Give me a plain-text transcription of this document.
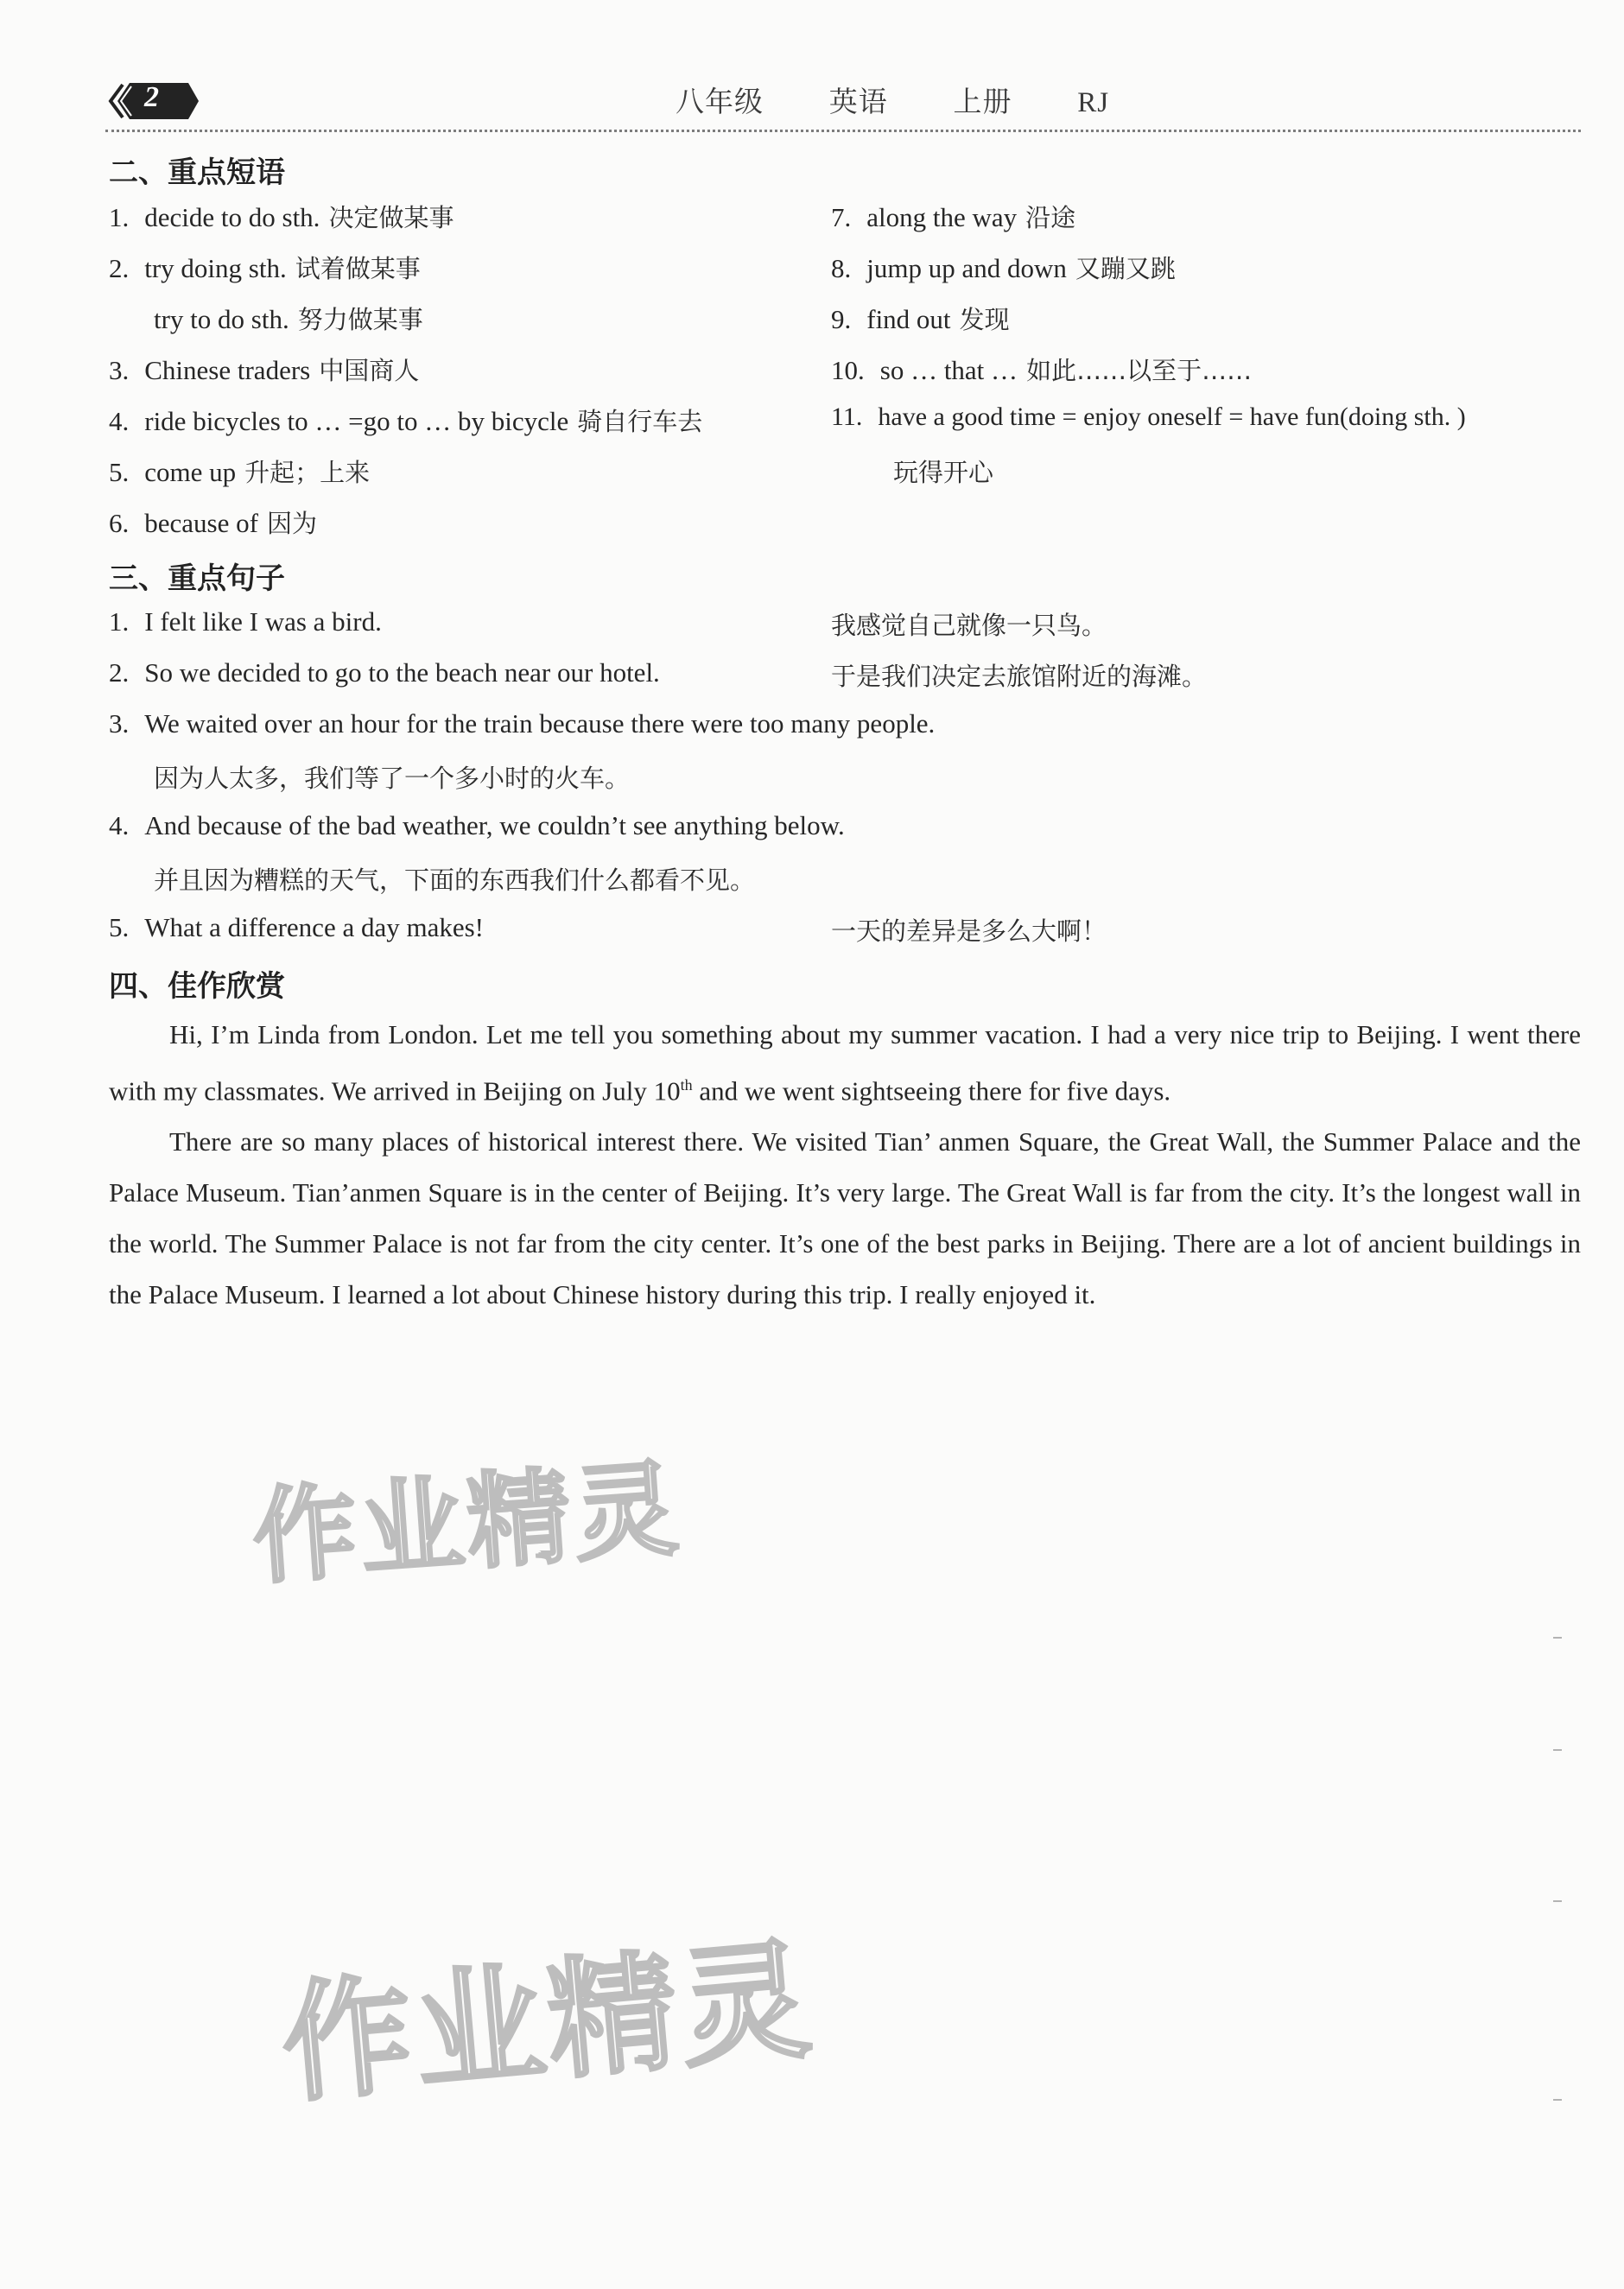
2	八年级   英语   上册   RJ
二、重点短语
1. decide to do sth. 决定做某事
2. try doing sth. 试着做某事
try to do sth. 努力做某事
3. Chinese traders 中国商人
4. ride bicycles to … =go to … by bicycle 骑自行车去
5. come up 升起；上来
6. because of 因为
7. along the way 沿途
8. jump up and down 又蹦又跳
9. find out 发现
10. so … that … 如此……以至于……
11. have a good time = enjoy oneself = have fun(doing sth. )
玩得开心
三、重点句子
1. I felt like I was a bird.	我感觉自己就像一只鸟。
2. So we decided to go to the beach near our hotel.	于是我们决定去旅馆附近的海滩。
3. We waited over an hour for the train because there were too many people.
因为人太多，我们等了一个多小时的火车。
4. And because of the bad weather, we couldn’t see anything below.
并且因为糟糕的天气，下面的东西我们什么都看不见。
5. What a difference a day makes!	一天的差异是多么大啊！
四、佳作欣赏

Hi, I’m Linda from London. Let me tell you something about my summer vacation. I had a very nice trip to Beijing. I went there with my classmates. We arrived in Beijing on July 10th and we went sightseeing there for five days.

There are so many places of historical interest there. We visited Tian’ anmen Square, the Great Wall, the Summer Palace and the Palace Museum. Tian’anmen Square is in the center of Beijing. It’s very large. The Great Wall is far from the city. It’s the longest wall in the world. The Summer Palace is not far from the city center. It’s one of the best parks in Beijing. There are a lot of ancient buildings in the Palace Museum. I learned a lot about Chinese history during this trip. I really enjoyed it.

作业精灵
作业精灵
